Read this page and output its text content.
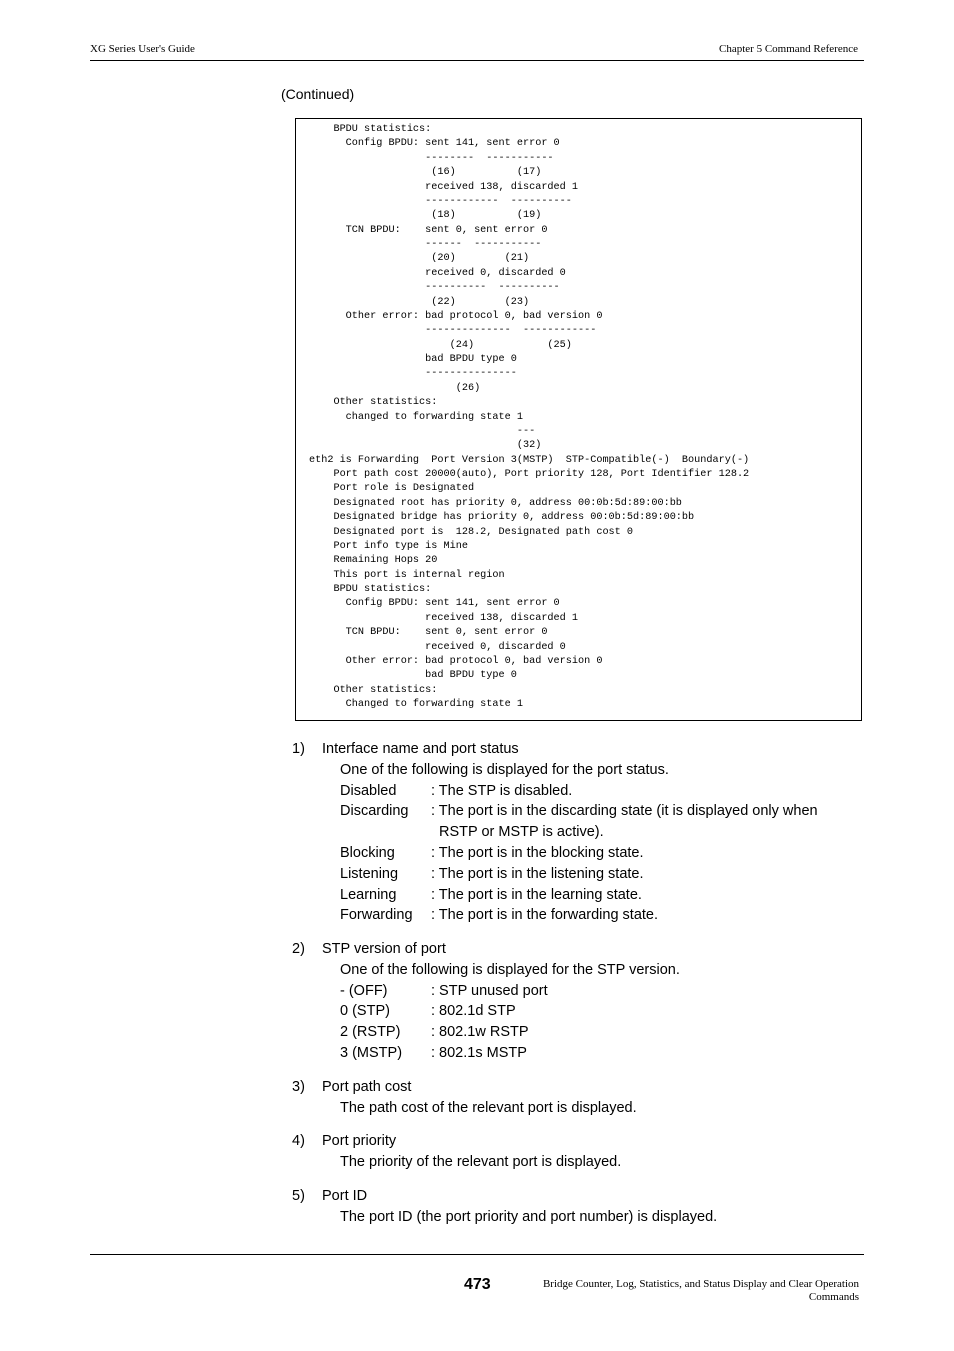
XG Series User's Guide	Chapter 5 Command Reference
(Continued)
BPDU statistics:
Config BPDU: sent 141, sent error 0
--------  -----------
(16)          (17)
received 138, discarded 1
------------  ----------
(18)          (19)
TCN BPDU:    sent 0, sent error 0
------  -----------
(20)        (21)
received 0, discarded 0
----------  ----------
(22)        (23)
Other error: bad protocol 0, bad version 0
--------------  ------------
(24)            (25)
bad BPDU type 0
---------------
(26)
Other statistics:
changed to forwarding state 1
---
(32)
eth2 is Forwarding  Port Version 3(MSTP)  STP-Compatible(-)  Boundary(-)
Port path cost 20000(auto), Port priority 128, Port Identifier 128.2
Port role is Designated
Designated root has priority 0, address 00:0b:5d:89:00:bb
Designated bridge has priority 0, address 00:0b:5d:89:00:bb
Designated port is  128.2, Designated path cost 0
Port info type is Mine
Remaining Hops 20
This port is internal region
BPDU statistics:
Config BPDU: sent 141, sent error 0
received 138, discarded 1
TCN BPDU:    sent 0, sent error 0
received 0, discarded 0
Other error: bad protocol 0, bad version 0
bad BPDU type 0
Other statistics:
Changed to forwarding state 1
1)	Interface name and port status
One of the following is displayed for the port status.
Disabled	: The STP is disabled.
Discarding	: The port is in the discarding state (it is displayed only when
RSTP or MSTP is active).
Blocking	: The port is in the blocking state.
Listening	: The port is in the listening state.
Learning	: The port is in the learning state.
Forwarding	: The port is in the forwarding state.
2)	STP version of port
One of the following is displayed for the STP version.
- (OFF)	: STP unused port
0 (STP)	: 802.1d STP
2 (RSTP)	: 802.1w RSTP
3 (MSTP)	: 802.1s MSTP
3)	Port path cost
The path cost of the relevant port is displayed.
4)	Port priority
The priority of the relevant port is displayed.
5)	Port ID
The port ID (the port priority and port number) is displayed.
473	Bridge Counter, Log, Statistics, and Status Display and Clear Operation
Commands
